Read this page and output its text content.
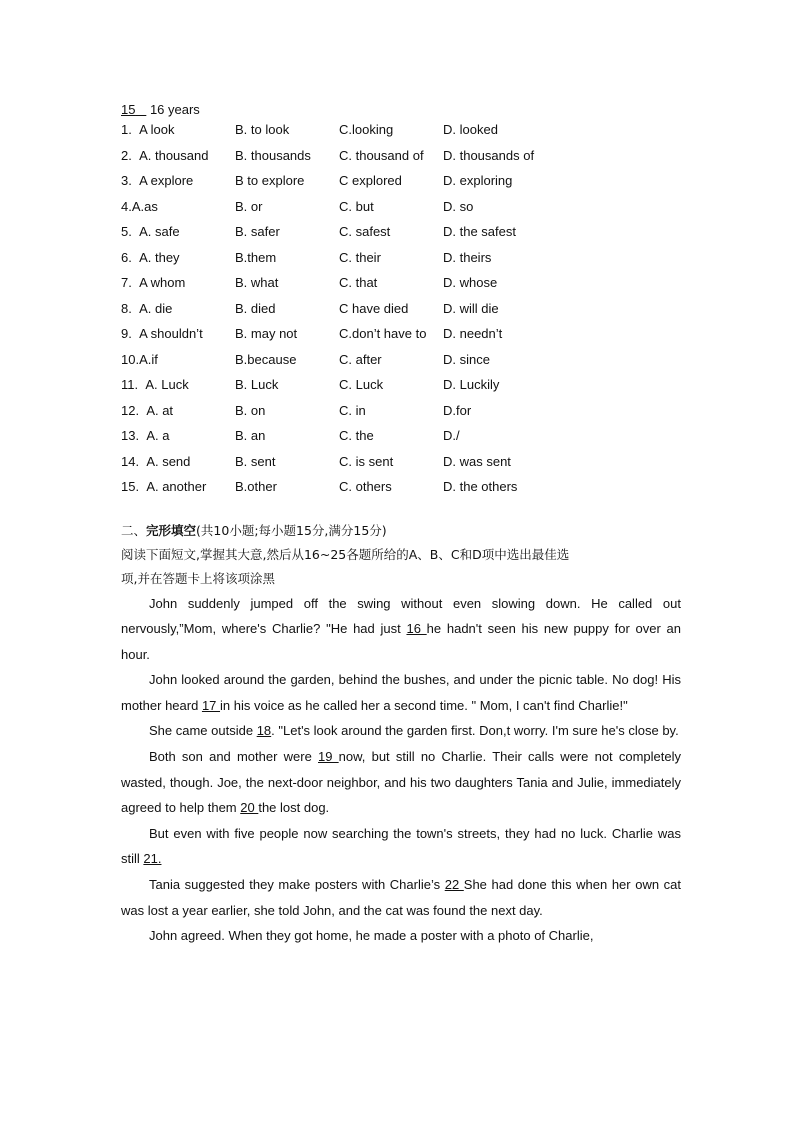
15 16 years
1. A look	B. to look	C.looking	D. looked
2. A. thousand B. thousands C. thousand of D. thousands of
3. A explore	B to explore	C explored	D. exploring
4.A.as	B. or	C. but	D. so
5. A. safe	B. safer	C. safest	D. the safest
6. A. they	B.them	C. their	D. theirs
7. A whom	B. what	C. that	D. whose
8. A. die	B. died	C have died	D. will die
9. A shouldn’t B. may not	C.don’t have to D. needn’t
10.A.if	B.because	C. after	D. since
11. A. Luck	B. Luck	C. Luck	D. Luckily
12. A. at	B. on	C. in	D.for
13. A. a	B. an	C. the	D./
14. A. send	B. sent	C. is sent	D. was sent
15. A. another B.other	C. others	D. the others
二、完形填空(共10小题;每小题15分,满分15分)
阅读下面短文,掌握其大意,然后从16~25各题所给的A、B、C和D项中选出最佳选
项,并在答题卡上将该项涂黑

John suddenly jumped off the swing without even slowing down. He called out nervously,”Mom, where's Charlie? "He had just 16 he hadn't seen his new puppy for over an hour.

John looked around the garden, behind the bushes, and under the picnic table. No dog! His mother heard 17 in his voice as he called her a second time. " Mom, I can't find Charlie!"

She came outside 18. "Let's look around the garden first. Don,t worry. I'm sure he's close by.

Both son and mother were 19 now, but still no Charlie. Their calls were not completely wasted, though. Joe, the next-door neighbor, and his two daughters Tania and Julie, immediately agreed to help them 20 the lost dog.

But even with five people now searching the town's streets, they had no luck. Charlie was still 21.

Tania suggested they make posters with Charlie’s 22 She had done this when her own cat was lost a year earlier, she told John, and the cat was found the next day.

John agreed. When they got home, he made a poster with a photo of Charlie,
